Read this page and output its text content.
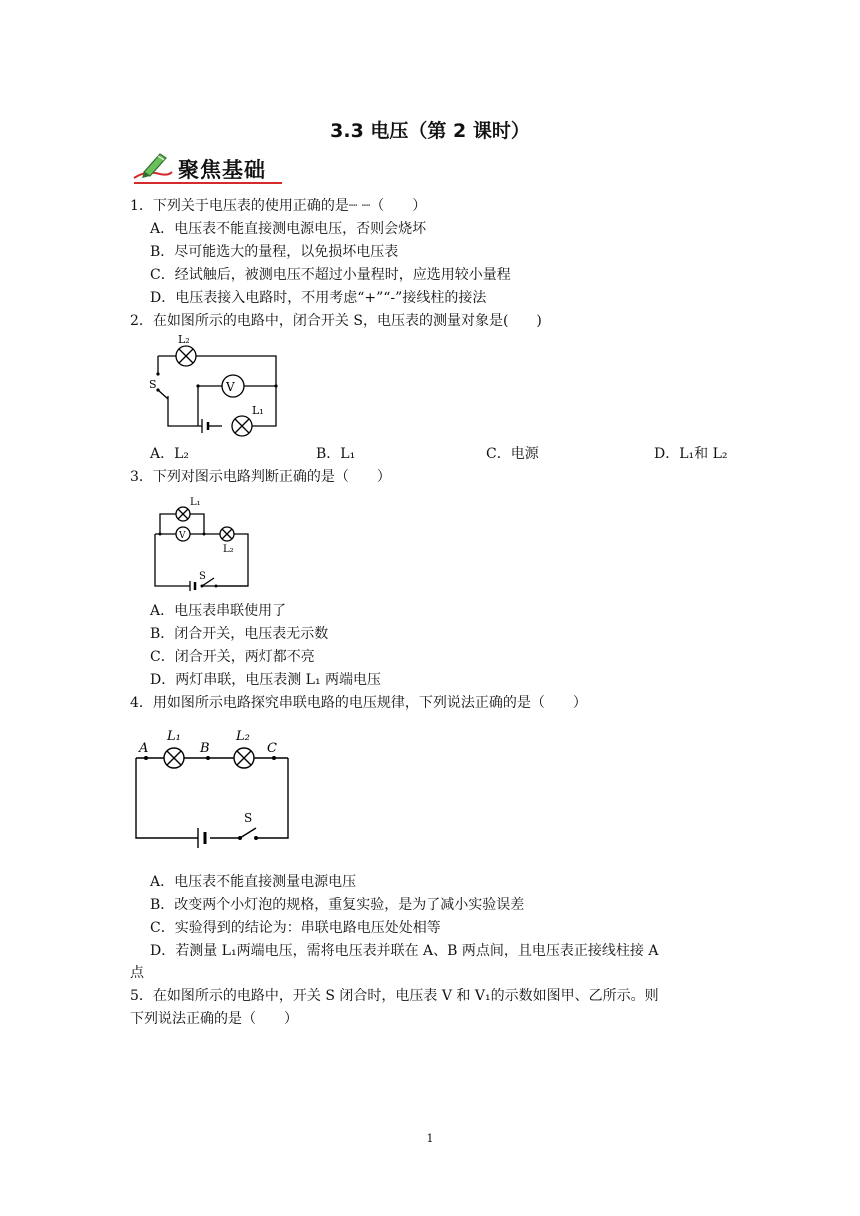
3.3 电压（第 2 课时）
聚焦基础
1．下列关于电压表的使用正确的是┈ ┈（　　）
A．电压表不能直接测电源电压，否则会烧坏
B．尽可能选大的量程，以免损坏电压表
C．经试触后，被测电压不超过小量程时，应选用较小量程
D．电压表接入电路时，不用考虑“+”“-”接线柱的接法
2．在如图所示的电路中，闭合开关 S，电压表的测量对象是(　　)
V
L₂
L₁
S
A．L₂	B．L₁	C．电源	D．L₁和 L₂
3．下列对图示电路判断正确的是（　　）
V
L₁
L₂
S
A．电压表串联使用了
B．闭合开关，电压表无示数
C．闭合开关，两灯都不亮
D．两灯串联，电压表测 L₁ 两端电压
4．用如图所示电路探究串联电路的电压规律，下列说法正确的是（　　）
A	B	C
L₁	L₂
S
A．电压表不能直接测量电源电压
B．改变两个小灯泡的规格，重复实验，是为了减小实验误差
C．实验得到的结论为：串联电路电压处处相等
D．若测量 L₁两端电压，需将电压表并联在 A、B 两点间，且电压表正接线柱接 A
点
5．在如图所示的电路中，开关 S 闭合时，电压表 V 和 V₁的示数如图甲、乙所示。则
下列说法正确的是（　　）
1
